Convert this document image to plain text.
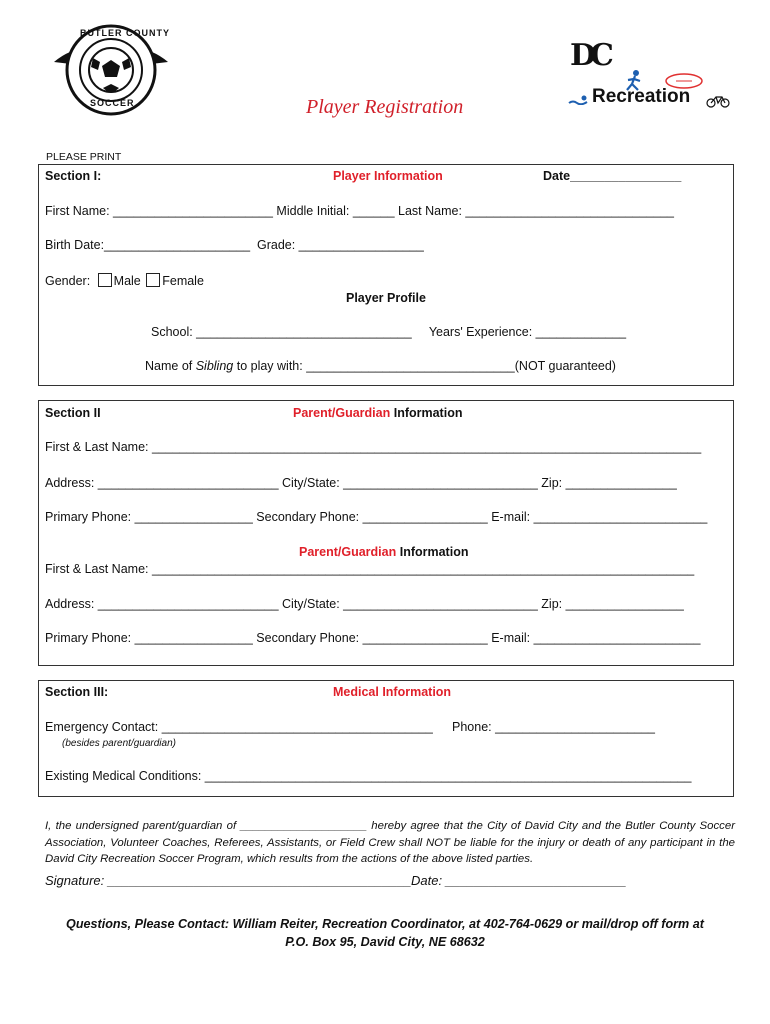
BUTLER COUNTY
SOCCER	Player Registration
DC
Recreation
PLEASE PRINT
Section I:	Player Information	Date________________
First Name: _______________________ Middle Initial: ______ Last Name: ______________________________
Birth Date:_____________________  Grade: __________________
Gender: Male Female
Player Profile
School: _______________________________     Years' Experience: _____________
Name of Sibling to play with: ______________________________(NOT guaranteed)
Section II	Parent/Guardian Information
First & Last Name: _______________________________________________________________________________
Address: __________________________ City/State: ____________________________ Zip: ________________
Primary Phone: _________________ Secondary Phone: __________________ E-mail: _________________________
Parent/Guardian Information
First & Last Name: ______________________________________________________________________________
Address: __________________________ City/State: ____________________________ Zip: _________________
Primary Phone: _________________ Secondary Phone: __________________ E-mail: ________________________
Section III:	Medical Information
Emergency Contact: _______________________________________
(besides parent/guardian)
Phone: _______________________
Existing Medical Conditions: ______________________________________________________________________
I, the undersigned parent/guardian of ____________________ hereby agree that the City of David City and the Butler County Soccer Association, Volunteer Coaches, Referees, Assistants, or Field Crew shall NOT be liable for the injury or death of any participant in the David City Recreation Soccer Program, which results from the actions of the above listed parties.
Signature: __________________________________________ Date: _________________________
Questions, Please Contact: William Reiter, Recreation Coordinator, at 402-764-0629 or mail/drop off form at
P.O. Box 95, David City, NE 68632
